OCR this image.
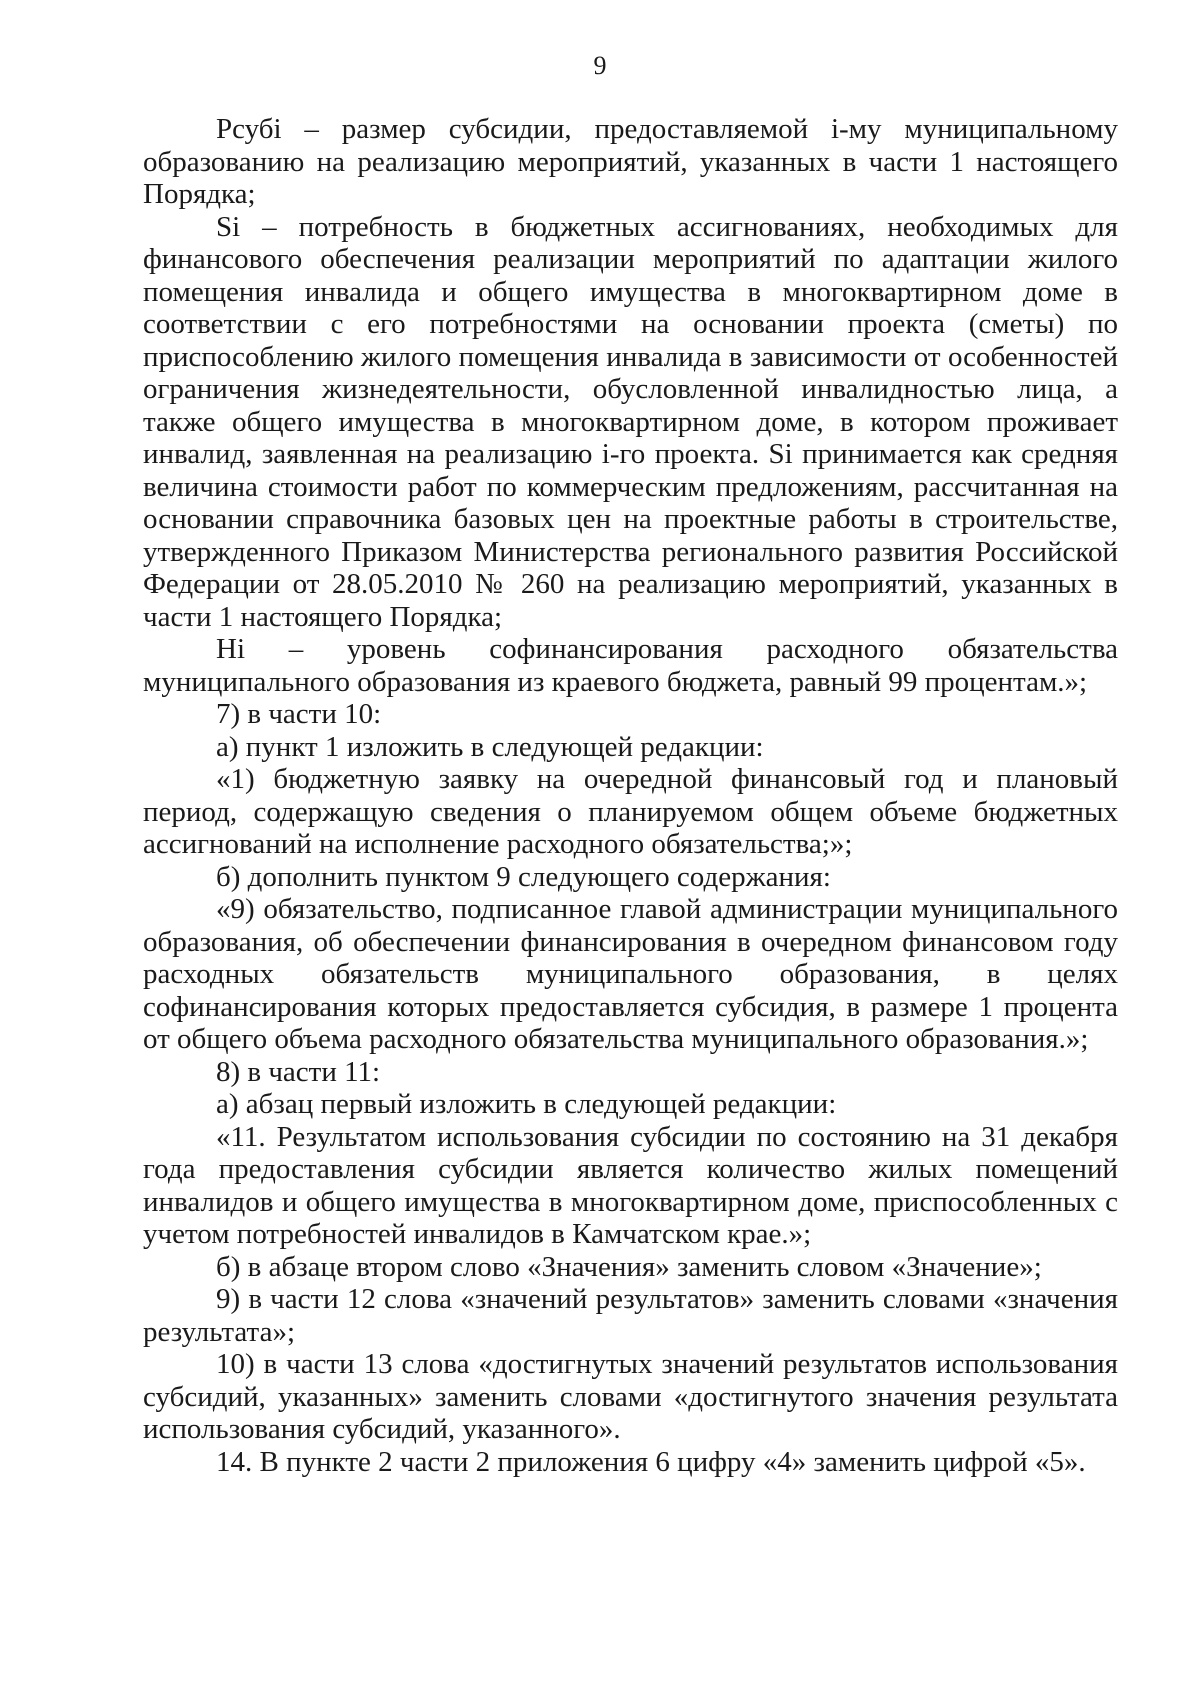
9

Рсубi – размер субсидии, предоставляемой i-му муниципальному образованию на реализацию мероприятий, указанных в части 1 настоящего Порядка;

Si – потребность в бюджетных ассигнованиях, необходимых для финансового обеспечения реализации мероприятий по адаптации жилого помещения инвалида и общего имущества в многоквартирном доме в соответствии с его потребностями на основании проекта (сметы) по приспособлению жилого помещения инвалида в зависимости от особенностей ограничения жизнедеятельности, обусловленной инвалидностью лица, а также общего имущества в многоквартирном доме, в котором проживает инвалид, заявленная на реализацию i-го проекта. Si принимается как средняя величина стоимости работ по коммерческим предложениям, рассчитанная на основании справочника базовых цен на проектные работы в строительстве, утвержденного Приказом Министерства регионального развития Российской Федерации от 28.05.2010 № 260 на реализацию мероприятий, указанных в части 1 настоящего Порядка;

Hi – уровень софинансирования расходного обязательства муниципального образования из краевого бюджета, равный 99 процентам.»;

7) в части 10:

а) пункт 1 изложить в следующей редакции:

«1) бюджетную заявку на очередной финансовый год и плановый период, содержащую сведения о планируемом общем объеме бюджетных ассигнований на исполнение расходного обязательства;»;

б) дополнить пунктом 9 следующего содержания:

«9) обязательство, подписанное главой администрации муниципального образования, об обеспечении финансирования в очередном финансовом году расходных обязательств муниципального образования, в целях софинансирования которых предоставляется субсидия, в размере 1 процента от общего объема расходного обязательства муниципального образования.»;

8) в части 11:

а) абзац первый изложить в следующей редакции:

«11. Результатом использования субсидии по состоянию на 31 декабря года предоставления субсидии является количество жилых помещений инвалидов и общего имущества в многоквартирном доме, приспособленных с учетом потребностей инвалидов в Камчатском крае.»;

б) в абзаце втором слово «Значения» заменить словом «Значение»;

9) в части 12 слова «значений результатов» заменить словами «значения результата»;

10) в части 13 слова «достигнутых значений результатов использования субсидий, указанных» заменить словами «достигнутого значения результата использования субсидий, указанного».

14. В пункте 2 части 2 приложения 6 цифру «4» заменить цифрой «5».
